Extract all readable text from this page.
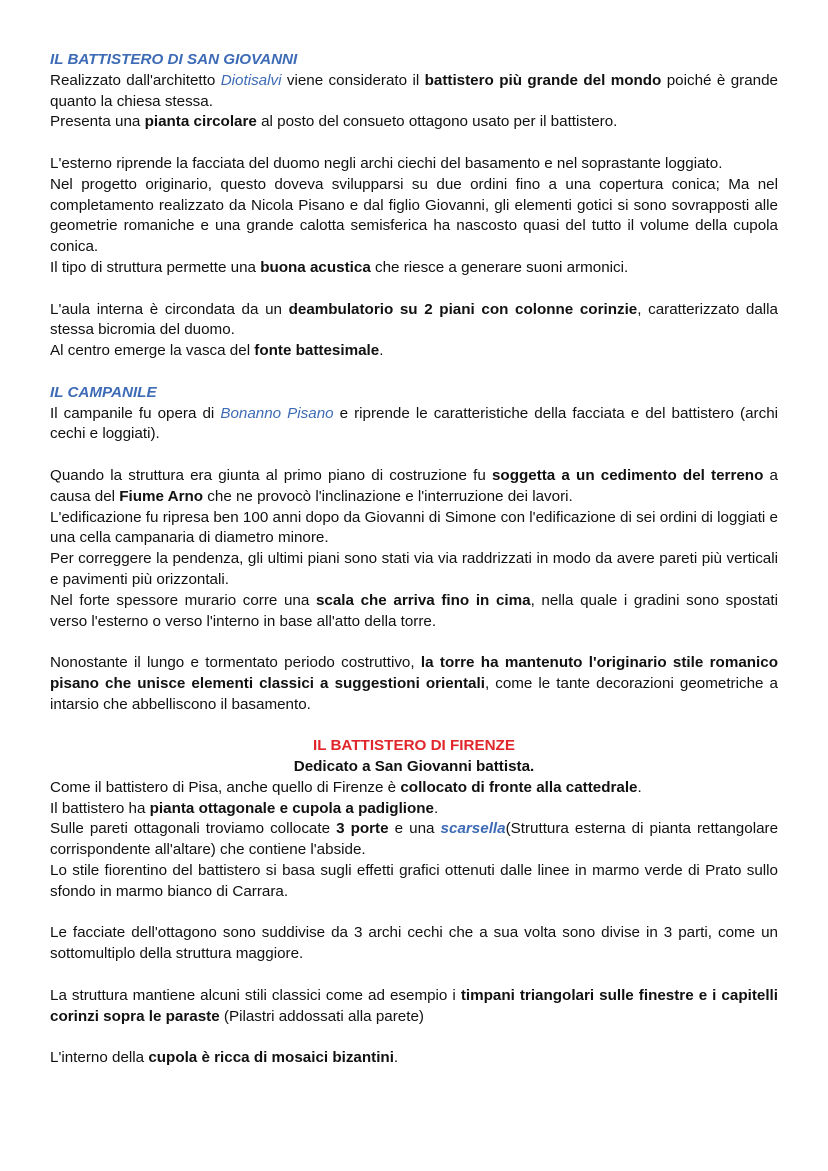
IL BATTISTERO DI SAN GIOVANNI

Realizzato dall'architetto Diotisalvi viene considerato il battistero più grande del mondo poiché è grande quanto la chiesa stessa.

Presenta una pianta circolare al posto del consueto ottagono usato per il battistero.

L'esterno riprende la facciata del duomo negli archi ciechi del basamento e nel soprastante loggiato.

Nel progetto originario, questo doveva svilupparsi su due ordini fino a una copertura conica; Ma nel completamento realizzato da Nicola Pisano e dal figlio Giovanni, gli elementi gotici si sono sovrapposti alle geometrie romaniche e una grande calotta semisferica ha nascosto quasi del tutto il volume della cupola conica.

Il tipo di struttura permette una buona acustica che riesce a generare suoni armonici.

L'aula interna è circondata da un deambulatorio su 2 piani con colonne corinzie, caratterizzato dalla stessa bicromia del duomo.

Al centro emerge la vasca del fonte battesimale.

IL CAMPANILE

Il campanile fu opera di Bonanno Pisano e riprende le caratteristiche della facciata e del battistero (archi cechi e loggiati).

Quando la struttura era giunta al primo piano di costruzione fu soggetta a un cedimento del terreno a causa del Fiume Arno che ne provocò l'inclinazione e l'interruzione dei lavori.

L'edificazione fu ripresa ben 100 anni dopo da Giovanni di Simone con l'edificazione di sei ordini di loggiati e una cella campanaria di diametro minore.

Per correggere la pendenza, gli ultimi piani sono stati via via raddrizzati in modo da avere pareti più verticali e pavimenti più orizzontali.

Nel forte spessore murario corre una scala che arriva fino in cima, nella quale i gradini sono spostati verso l'esterno o verso l'interno in base all'atto della torre.

Nonostante il lungo e tormentato periodo costruttivo, la torre ha mantenuto l'originario stile romanico pisano che unisce elementi classici a suggestioni orientali, come le tante decorazioni geometriche a intarsio che abbelliscono il basamento.

IL BATTISTERO DI FIRENZE

Dedicato a San Giovanni battista.

Come il battistero di Pisa, anche quello di Firenze è collocato di fronte alla cattedrale.

Il battistero ha pianta ottagonale e cupola a padiglione.

Sulle pareti ottagonali troviamo collocate 3 porte e una scarsella(Struttura esterna di pianta rettangolare corrispondente all'altare) che contiene l'abside.

Lo stile fiorentino del battistero si basa sugli effetti grafici ottenuti dalle linee in marmo verde di Prato sullo sfondo in marmo bianco di Carrara.

Le facciate dell'ottagono sono suddivise da 3 archi cechi che a sua volta sono divise in 3 parti, come un sottomultiplo della struttura maggiore.

La struttura mantiene alcuni stili classici come ad esempio i timpani triangolari sulle finestre e i capitelli corinzi sopra le paraste (Pilastri addossati alla parete)

L'interno della cupola è ricca di mosaici bizantini.
